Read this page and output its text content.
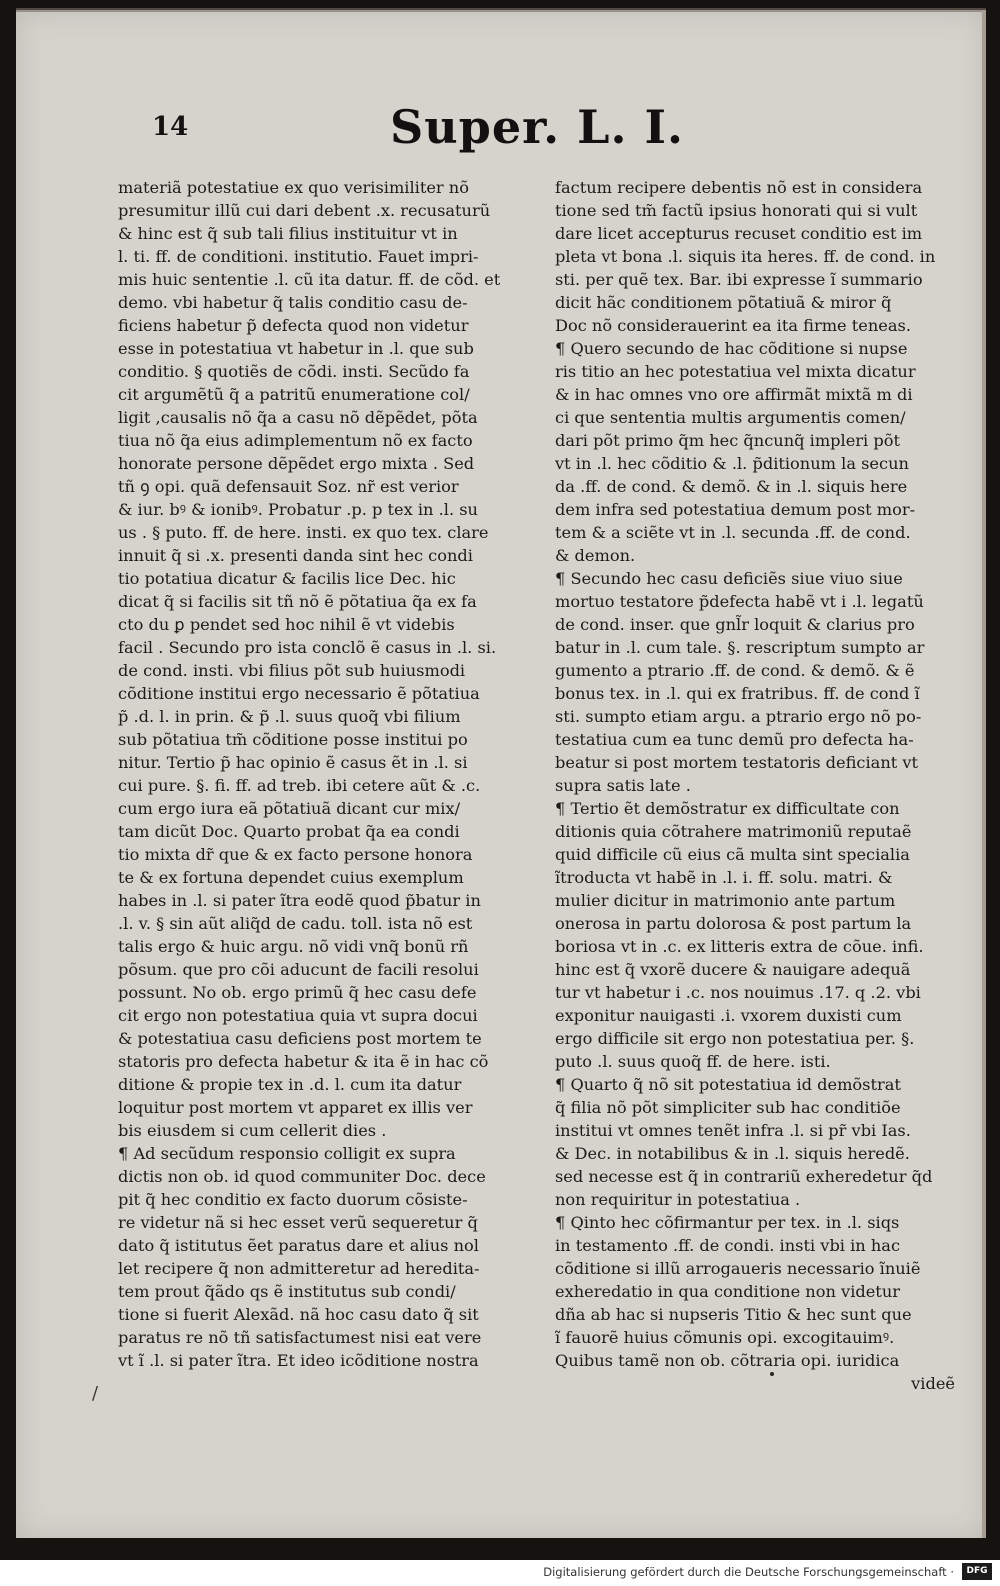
14	Super. L. I.
materiã potestatiue ex quo verisimiliter nõ
presumitur illũ cui dari debent .x. recusaturũ
& hinc est q̃ sub tali filius instituitur vt in
l. ti. ff. de conditioni. institutio. Fauet impri-
mis huic sententie .l. cũ ita datur. ff. de cõd. et
demo. vbi habetur q̃ talis conditio casu de-
ficiens habetur p̃ defecta quod non videtur
esse in potestatiua vt habetur in .l. que sub
conditio. § quotiẽs de cõdi. insti. Secũdo fa
cit argumẽtũ q̃ a patritũ enumeratione col/
ligit ,causalis nõ q̃a a casu nõ dẽpẽdet, põta
tiua nõ q̃a eius adimplementum nõ ex facto
honorate persone dẽpẽdet ergo mixta . Sed
tñ ꝯ opi. quã defensauit Soz. nr̃ est verior
& iur. bꝰ & ionibꝰ. Probatur .p. p tex in .l. su
us . § puto. ff. de here. insti. ex quo tex. clare
innuit q̃ si .x. presenti danda sint hec condi
tio potatiua dicatur & facilis lice Dec. hic
dicat q̃ si facilis sit tñ nõ ẽ põtatiua q̃a ex fa
cto du ꝑ pendet sed hoc nihil ẽ vt videbis
facil . Secundo pro ista conclõ ẽ casus in .l. si.
de cond. insti. vbi filius põt sub huiusmodi
cõditione institui ergo necessario ẽ põtatiua
p̃ .d. l. in prin. & p̃ .l. suus quoq̃ vbi filium
sub põtatiua tm̃ cõditione posse institui po
nitur. Tertio p̃ hac opinio ẽ casus ẽt in .l. si
cui pure. §. fi. ff. ad treb. ibi cetere aũt & .c.
cum ergo iura eã põtatiuã dicant cur mix/
tam dicũt Doc. Quarto probat q̃a ea condi
tio mixta dr̃ que & ex facto persone honora
te & ex fortuna dependet cuius exemplum
habes in .l. si pater ĩtra eodẽ quod p̃batur in
.l. v. § sin aũt aliq̃d de cadu. toll. ista nõ est
talis ergo & huic argu. nõ vidi vnq̃ bonũ rñ
põsum. que pro cõi aducunt de facili resolui
possunt. No ob. ergo primũ q̃ hec casu defe
cit ergo non potestatiua quia vt supra docui
& potestatiua casu deficiens post mortem te
statoris pro defecta habetur & ita ẽ in hac cõ
ditione & propie tex in .d. l. cum ita datur
loquitur post mortem vt apparet ex illis ver
bis eiusdem si cum cellerit dies .
¶ Ad secũdum responsio colligit ex supra
dictis non ob. id quod communiter Doc. dece
pit q̃ hec conditio ex facto duorum cõsiste-
re videtur nã si hec esset verũ sequeretur q̃
dato q̃ istitutus ẽet paratus dare et alius nol
let recipere q̃ non admitteretur ad heredita-
tem prout q̃ãdo qs ẽ institutus sub condi/
tione si fuerit Alexãd. nã hoc casu dato q̃ sit
paratus re nõ tñ satisfactumest nisi eat vere
vt ĩ .l. si pater ĩtra. Et ideo icõditione nostra
factum recipere debentis nõ est in considera
tione sed tm̃ factũ ipsius honorati qui si vult
dare licet accepturus recuset conditio est im
pleta vt bona .l. siquis ita heres. ff. de cond. in
sti. per quẽ tex. Bar. ibi expresse ĩ summario
dicit hãc conditionem põtatiuã & miror q̃
Doc nõ considerauerint ea ita firme teneas.
¶ Quero secundo de hac cõditione si nupse
ris titio an hec potestatiua vel mixta dicatur
& in hac omnes vno ore affirmãt mixtã m di
ci que sententia multis argumentis comen/
dari põt primo q̃m hec q̃ncunq̃ impleri põt
vt in .l. hec cõditio & .l. p̃ditionum la secun
da .ff. de cond. & demõ. & in .l. siquis here
dem infra sed potestatiua demum post mor-
tem & a sciẽte vt in .l. secunda .ff. de cond.
& demon.
¶ Secundo hec casu deficiẽs siue viuo siue
mortuo testatore p̃defecta habẽ vt i .l. legatũ
de cond. inser. que gnl̃r loquit & clarius pro
batur in .l. cum tale. §. rescriptum sumpto ar
gumento a ptrario .ff. de cond. & demõ. & ẽ
bonus tex. in .l. qui ex fratribus. ff. de cond ĩ
sti. sumpto etiam argu. a ptrario ergo nõ po-
testatiua cum ea tunc demũ pro defecta ha-
beatur si post mortem testatoris deficiant vt
supra satis late .
¶ Tertio ẽt demõstratur ex difficultate con
ditionis quia cõtrahere matrimoniũ reputaẽ
quid difficile cũ eius cã multa sint specialia
ĩtroducta vt habẽ in .l. i. ff. solu. matri. &
mulier dicitur in matrimonio ante partum
onerosa in partu dolorosa & post partum la
boriosa vt in .c. ex litteris extra de cõue. infi.
hinc est q̃ vxorẽ ducere & nauigare adequã
tur vt habetur i .c. nos nouimus .17. q .2. vbi
exponitur nauigasti .i. vxorem duxisti cum
ergo difficile sit ergo non potestatiua per. §.
puto .l. suus quoq̃ ff. de here. isti.
¶ Quarto q̃ nõ sit potestatiua id demõstrat
q̃ filia nõ põt simpliciter sub hac conditiõe
institui vt omnes tenẽt infra .l. si pr̃ vbi Ias.
& Dec. in notabilibus & in .l. siquis heredẽ.
sed necesse est q̃ in contrariũ exheredetur q̃d
non requiritur in potestatiua .
¶ Qinto hec cõfirmantur per tex. in .l. siqs
in testamento .ff. de condi. insti vbi in hac
cõditione si illũ arrogaueris necessario ĩnuiẽ
exheredatio in qua conditione non videtur
dña ab hac si nupseris Titio & hec sunt que
ĩ fauorẽ huius cõmunis opi. excogitauimꝰ.
Quibus tamẽ non ob. cõtraria opi. iuridica
videẽ
/
Digitalisierung gefördert durch die Deutsche Forschungsgemeinschaft ·	DFG
